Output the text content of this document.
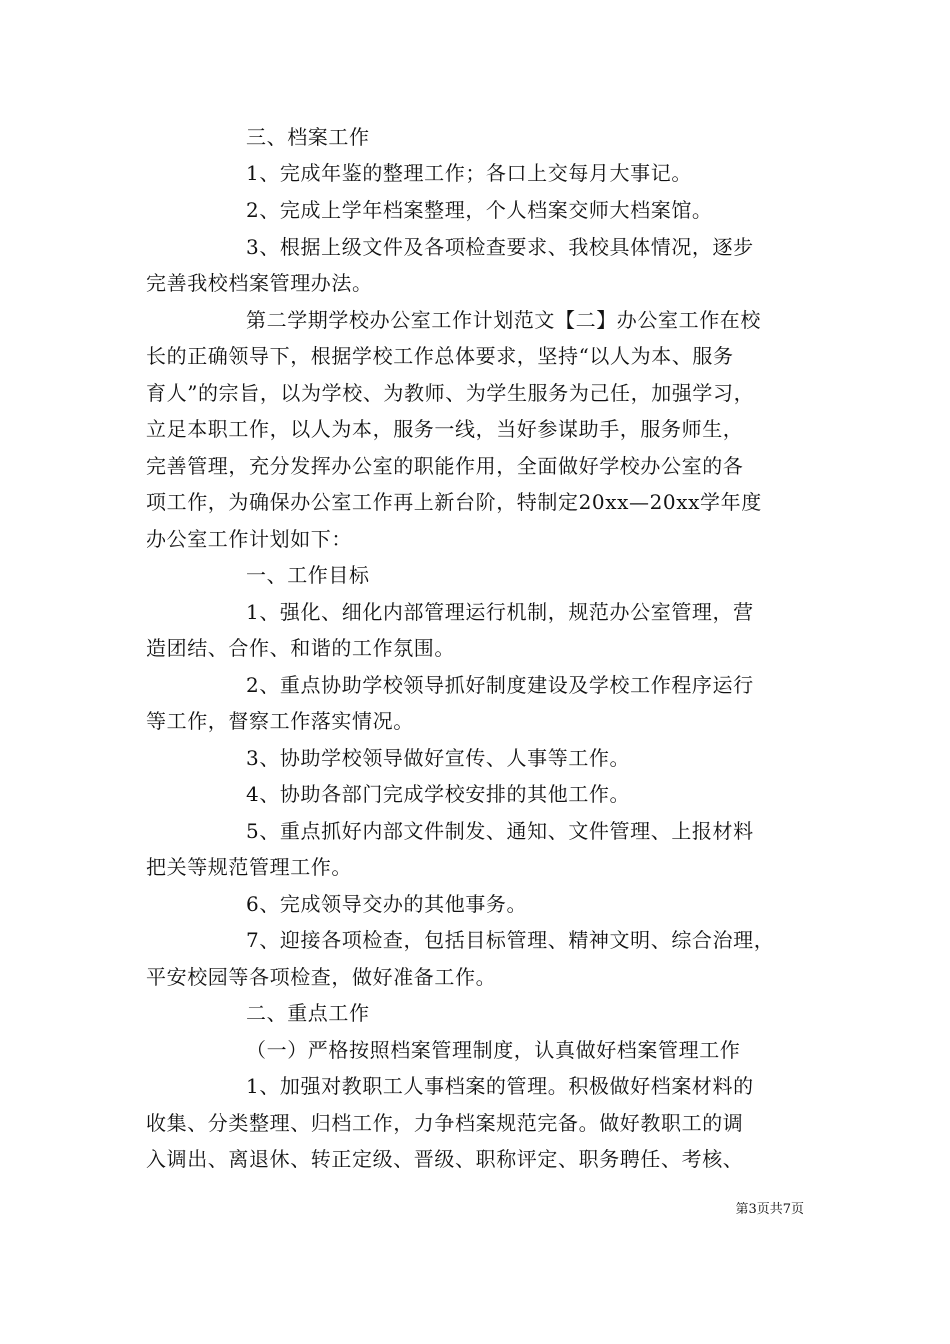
三、档案工作
1、完成年鉴的整理工作；各口上交每月大事记。
2、完成上学年档案整理，个人档案交师大档案馆。
3、根据上级文件及各项检查要求、我校具体情况，逐步
完善我校档案管理办法。
第二学期学校办公室工作计划范文【二】办公室工作在校
长的正确领导下，根据学校工作总体要求，坚持“以人为本、服务
育人”的宗旨，以为学校、为教师、为学生服务为己任，加强学习，
立足本职工作，以人为本，服务一线，当好参谋助手，服务师生，
完善管理，充分发挥办公室的职能作用，全面做好学校办公室的各
项工作，为确保办公室工作再上新台阶，特制定20xx—20xx学年度
办公室工作计划如下：
一、工作目标
1、强化、细化内部管理运行机制，规范办公室管理，营
造团结、合作、和谐的工作氛围。
2、重点协助学校领导抓好制度建设及学校工作程序运行
等工作，督察工作落实情况。
3、协助学校领导做好宣传、人事等工作。
4、协助各部门完成学校安排的其他工作。
5、重点抓好内部文件制发、通知、文件管理、上报材料
把关等规范管理工作。
6、完成领导交办的其他事务。
7、迎接各项检查，包括目标管理、精神文明、综合治理，
平安校园等各项检查，做好准备工作。
二、重点工作
（一）严格按照档案管理制度，认真做好档案管理工作
1、加强对教职工人事档案的管理。积极做好档案材料的
收集、分类整理、归档工作，力争档案规范完备。做好教职工的调
入调出、离退休、转正定级、晋级、职称评定、职务聘任、考核、
第3页共7页
